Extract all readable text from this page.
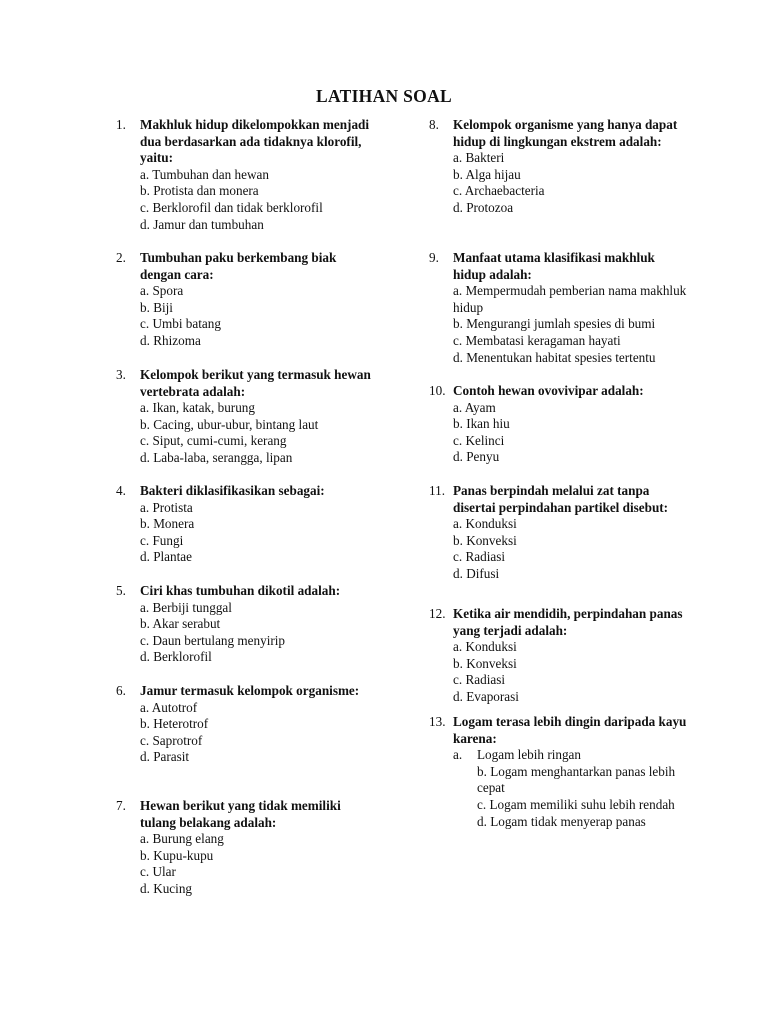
LATIHAN SOAL
1. Makhluk hidup dikelompokkan menjadi dua berdasarkan ada tidaknya klorofil, yaitu:
a. Tumbuhan dan hewan
b. Protista dan monera
c. Berklorofil dan tidak berklorofil
d. Jamur dan tumbuhan
2. Tumbuhan paku berkembang biak dengan cara:
a. Spora
b. Biji
c. Umbi batang
d. Rhizoma
3. Kelompok berikut yang termasuk hewan vertebrata adalah:
a. Ikan, katak, burung
b. Cacing, ubur-ubur, bintang laut
c. Siput, cumi-cumi, kerang
d. Laba-laba, serangga, lipan
4. Bakteri diklasifikasikan sebagai:
a. Protista
b. Monera
c. Fungi
d. Plantae
5. Ciri khas tumbuhan dikotil adalah:
a. Berbiji tunggal
b. Akar serabut
c. Daun bertulang menyirip
d. Berklorofil
6. Jamur termasuk kelompok organisme:
a. Autotrof
b. Heterotrof
c. Saprotrof
d. Parasit
7. Hewan berikut yang tidak memiliki tulang belakang adalah:
a. Burung elang
b. Kupu-kupu
c. Ular
d. Kucing
8. Kelompok organisme yang hanya dapat hidup di lingkungan ekstrem adalah:
a. Bakteri
b. Alga hijau
c. Archaebacteria
d. Protozoa
9. Manfaat utama klasifikasi makhluk hidup adalah:
a. Mempermudah pemberian nama makhluk hidup
b. Mengurangi jumlah spesies di bumi
c. Membatasi keragaman hayati
d. Menentukan habitat spesies tertentu
10. Contoh hewan ovovivipar adalah:
a. Ayam
b. Ikan hiu
c. Kelinci
d. Penyu
11. Panas berpindah melalui zat tanpa disertai perpindahan partikel disebut:
a. Konduksi
b. Konveksi
c. Radiasi
d. Difusi
12. Ketika air mendidih, perpindahan panas yang terjadi adalah:
a. Konduksi
b. Konveksi
c. Radiasi
d. Evaporasi
13. Logam terasa lebih dingin daripada kayu karena:
a.	Logam lebih ringan
b. Logam menghantarkan panas lebih cepat
c. Logam memiliki suhu lebih rendah
d. Logam tidak menyerap panas
